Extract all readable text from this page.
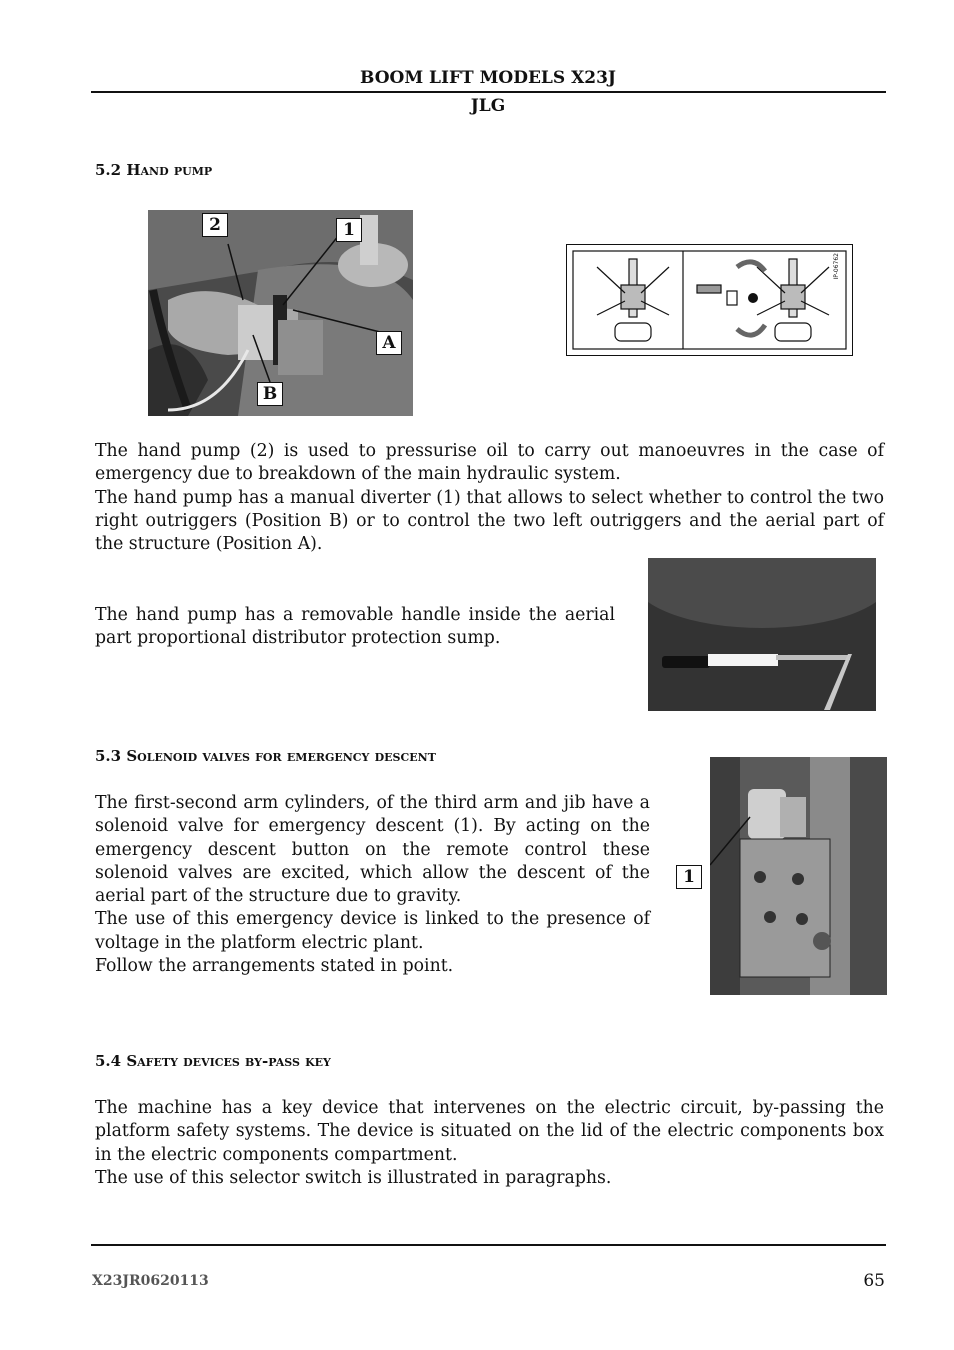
BOOM LIFT MODELS X23J
JLG
5.2 Hand pump
2	1
A
B
IP-06762

The hand pump (2) is used to pressurise oil to carry out manoeuvres in the case of emergency due to breakdown of the main hydraulic system.

The hand pump has a manual diverter (1) that allows to select whether to control the two right outriggers (Position B) or to control the two left outriggers and the aerial part of the structure (Position A).

The hand pump has a removable handle inside the aerial part proportional distributor protection sump.

5.3 Solenoid valves for emergency descent

The first-second arm cylinders, of the third arm and jib have a solenoid valve for emergency descent (1). By acting on the emergency descent button on the remote control these solenoid valves are excited, which allow the descent of the aerial part of the structure due to gravity.

The use of this emergency device is linked to the presence of voltage in the platform electric plant.

Follow the arrangements stated in point.

1
5.4 Safety devices by-pass key

The machine has a key device that intervenes on the electric circuit, by-passing the platform safety systems. The device is situated on the lid of the electric components box in the electric components compartment.

The use of this selector switch is illustrated in paragraphs.

X23JR0620113	65
